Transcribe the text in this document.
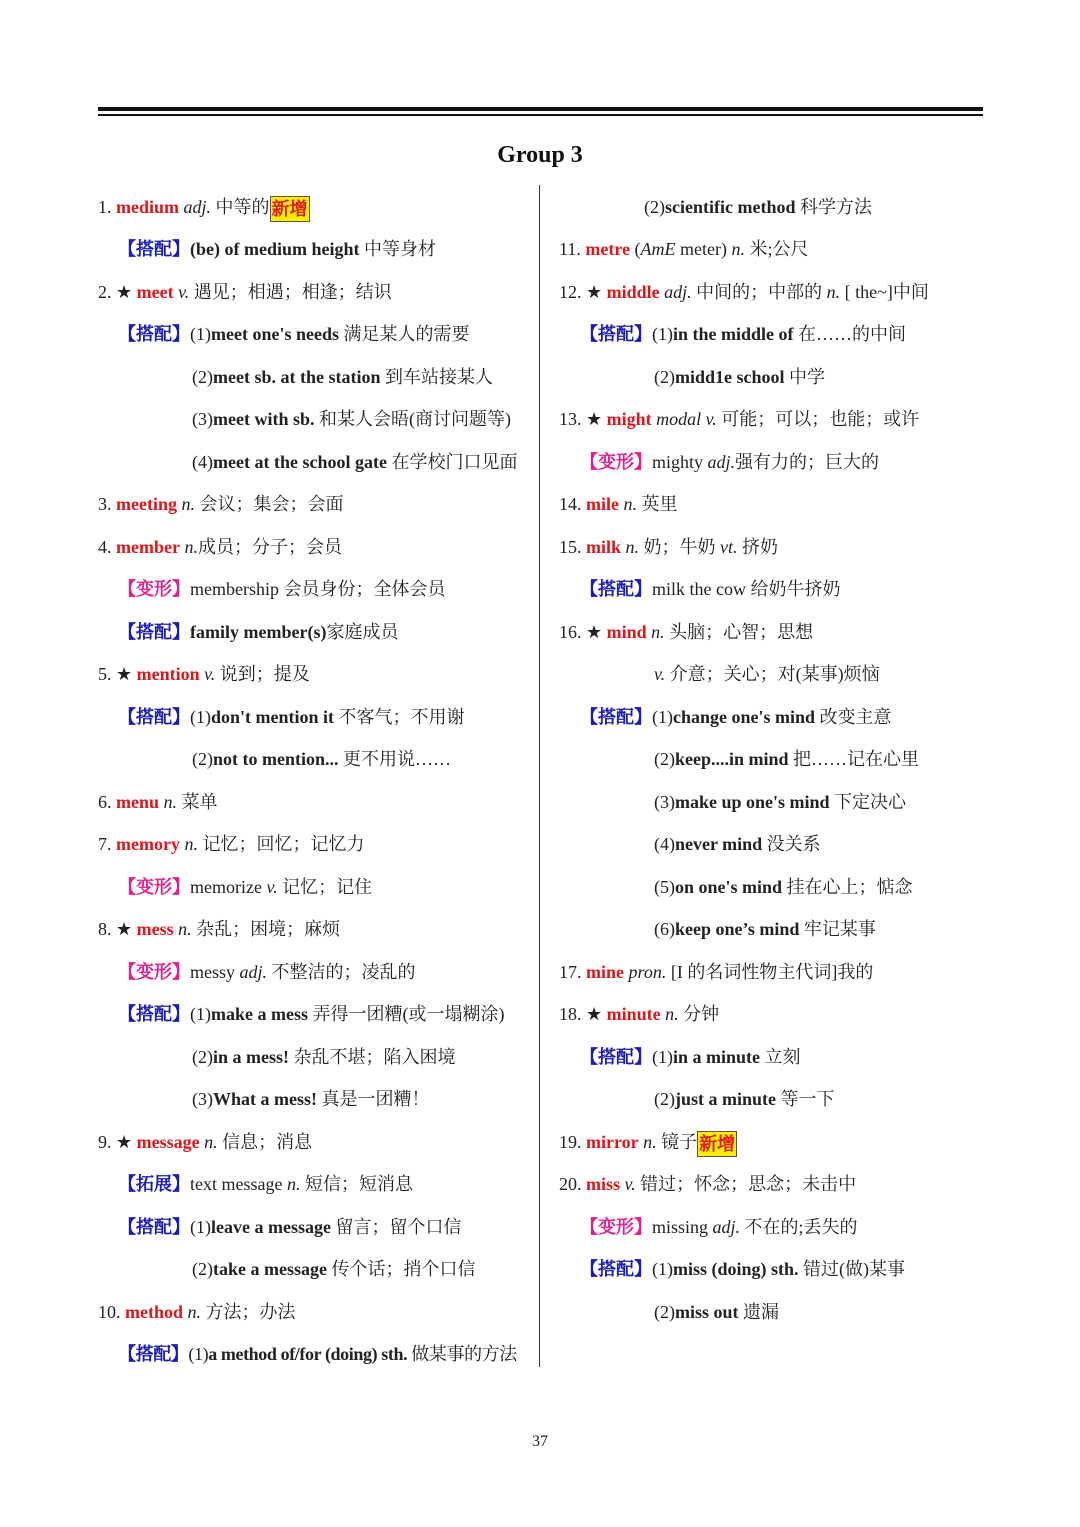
Group 3
1. medium adj. 中等的 新增
【搭配】(be) of medium height 中等身材
2. ★ meet v. 遇见；相遇；相逢；结识
【搭配】(1)meet one's needs 满足某人的需要
(2)meet sb. at the station 到车站接某人
(3)meet with sb. 和某人会晤(商讨问题等)
(4)meet at the school gate 在学校门口见面
3. meeting n. 会议；集会；会面
4. member n.成员；分子；会员
【变形】membership 会员身份；全体会员
【搭配】family member(s)家庭成员
5. ★ mention v. 说到；提及
【搭配】(1)don't mention it 不客气；不用谢
(2)not to mention... 更不用说……
6. menu n. 菜单
7. memory n. 记忆；回忆；记忆力
【变形】memorize v. 记忆；记住
8. ★ mess n. 杂乱；困境；麻烦
【变形】messy adj. 不整洁的；凌乱的
【搭配】(1)make a mess 弄得一团糟(或一塌糊涂)
(2)in a mess! 杂乱不堪；陷入困境
(3)What a mess! 真是一团糟！
9. ★ message n. 信息；消息
【拓展】text message n. 短信；短消息
【搭配】(1)leave a message 留言；留个口信
(2)take a message 传个话；捎个口信
10. method n. 方法；办法
【搭配】(1)a method of/for (doing) sth. 做某事的方法
(2)scientific method 科学方法
11. metre (AmE meter) n. 米;公尺
12. ★ middle adj. 中间的；中部的 n. [ the~]中间
【搭配】(1)in the middle of 在……的中间
(2)midd1e school 中学
13. ★ might modal v. 可能；可以；也能；或许
【变形】mighty adj.强有力的；巨大的
14. mile n. 英里
15. milk n. 奶；牛奶 vt. 挤奶
【搭配】milk the cow 给奶牛挤奶
16. ★ mind n. 头脑；心智；思想
v. 介意；关心；对(某事)烦恼
【搭配】(1)change one's mind 改变主意
(2)keep....in mind 把……记在心里
(3)make up one's mind 下定决心
(4)never mind 没关系
(5)on one's mind 挂在心上；惦念
(6)keep one’s mind 牢记某事
17. mine pron. [I 的名词性物主代词]我的
18. ★ minute n. 分钟
【搭配】(1)in a minute 立刻
(2)just a minute 等一下
19. mirror n. 镜子 新增
20. miss v. 错过；怀念；思念；未击中
【变形】missing adj. 不在的;丢失的
【搭配】(1)miss (doing) sth. 错过(做)某事
(2)miss out 遗漏
37
